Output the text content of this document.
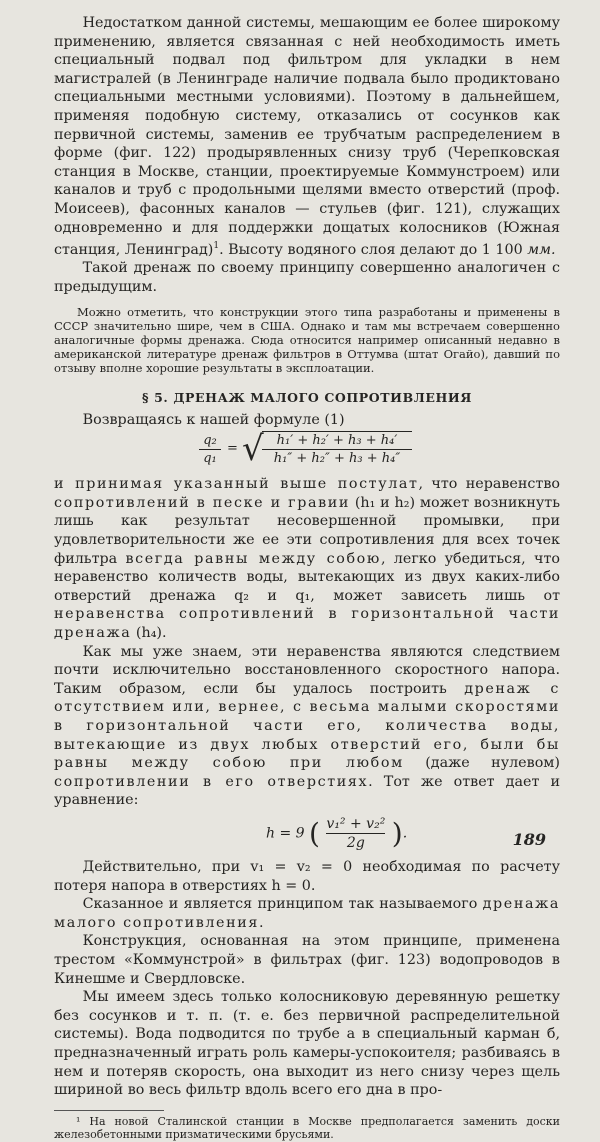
Недостатком данной системы, мешающим ее более широкому применению, является связанная с ней необходимость иметь специальный подвал под фильтром для укладки в нем магистралей (в Ленинграде наличие подвала было продиктовано специальными местными условиями). Поэтому в дальнейшем, применяя подобную систему, отказались от сосунков как первичной системы, заменив ее трубчатым распределением в форме (фиг. 122) продырявленных снизу труб (Черепковская станция в Москве, станции, проектируемые Коммунстроем) или каналов и труб с продольными щелями вместо отверстий (проф. Моисеев), фасонных каналов — стульев (фиг. 121), служащих одновременно и для поддержки дощатых колосников (Южная станция, Ленинград)$^1$. Высоту водяного слоя делают до 1 100 мм.

Такой дренаж по своему принципу совершенно аналогичен с предыдущим.

Можно отметить, что конструкции этого типа разработаны и применены в СССР значительно шире, чем в США. Однако и там мы встречаем совершенно аналогичные формы дренажа. Сюда относится например описанный недавно в американской литературе дренаж фильтров в Оттумва (штат Огайо), давший по отзыву вполне хорошие результаты в эксплоатации.

§ 5. ДРЕНАЖ МАЛОГО СОПРОТИВЛЕНИЯ

Возвращаясь к нашей формуле (1)

q₂
q₁
= √ h₁′ + h₂′ + h₃ + h₄′
h₁″ + h₂″ + h₃ + h₄″

и принимая указанный выше постулат, что неравенство сопротивлений в песке и гравии (h₁ и h₂) может возникнуть лишь как результат несовершенной промывки, при удовлетворительности же ее эти сопротивления для всех точек фильтра всегда равны между собою, легко убедиться, что неравенство количеств воды, вытекающих из двух каких-либо отверстий дренажа q₂ и q₁, может зависеть лишь от неравенства сопротивлений в горизонтальной части дренажа (h₄).

Как мы уже знаем, эти неравенства являются следствием почти исключительно восстановленного скоростного напора. Таким образом, если бы удалось построить дренаж с отсутствием или, вернее, с весьма малыми скоростями в горизонтальной части его, количества воды, вытекающие из двух любых отверстий его, были бы равны между собою при любом (даже нулевом) сопротивлении в его отверстиях. Тот же ответ дает и уравнение:

h = 9 ( $\frac{\text{v₁² + v₂²}}{2g}$ ).

Действительно, при v₁ = v₂ = 0 необходимая по расчету потеря напора в отверстиях h = 0.

Сказанное и является принципом так называемого дренажа малого сопротивления.

Конструкция, основанная на этом принципе, применена трестом «Коммунстрой» в фильтрах (фиг. 123) водопроводов в Кинешме и Свердловске.

Мы имеем здесь только колосниковую деревянную решетку без сосунков и т. п. (т. е. без первичной распределительной системы). Вода подводится по трубе а в специальный карман б, предназначенный играть роль камеры-успокоителя; разбиваясь в нем и потеряв скорость, она выходит из него снизу через щель шириной во весь фильтр вдоль всего его дна в про-

¹ На новой Сталинской станции в Москве предполагается заменить доски железобетонными призматическими брусьями.

189
